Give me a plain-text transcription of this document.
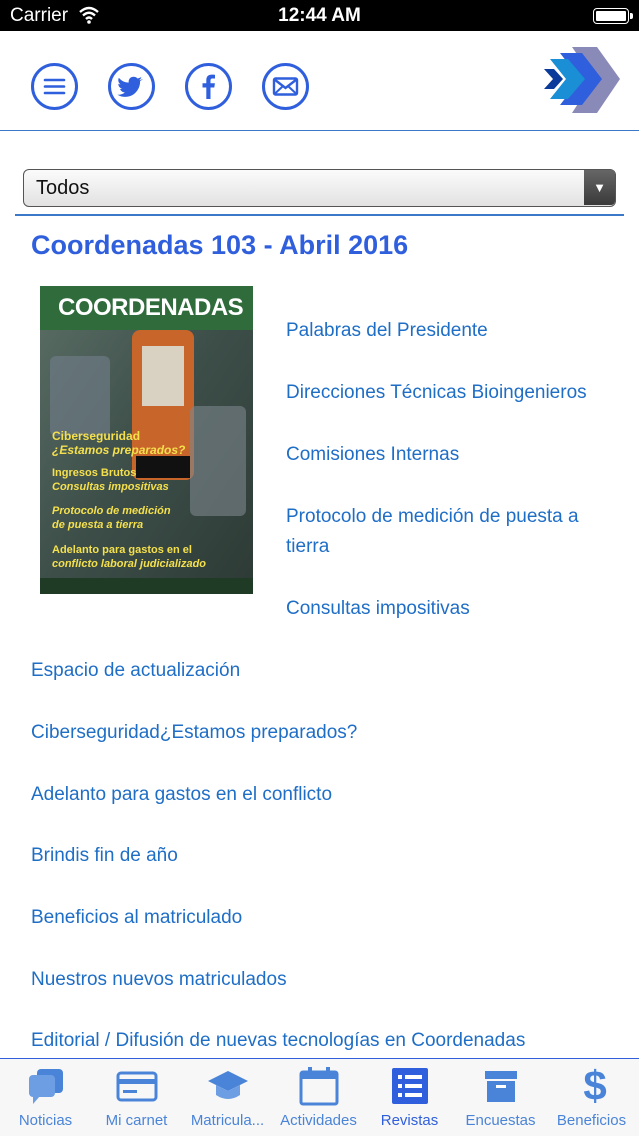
Carrier	12:44 AM
Todos	▼
Coordenadas 103 - Abril 2016
COORDENADAS
Ciberseguridad
¿Estamos preparados?
Ingresos Brutos
Consultas impositivas
Protocolo de medición
de puesta a tierra
Adelanto para gastos en el
conflicto laboral judicializado
Palabras del Presidente
Direcciones Técnicas Bioingenieros
Comisiones Internas
Protocolo de medición de puesta a tierra
Consultas impositivas
Espacio de actualización
Ciberseguridad¿Estamos preparados?
Adelanto para gastos en el conflicto
Brindis fin de año
Beneficios al matriculado
Nuestros nuevos matriculados
Editorial / Difusión de nuevas tecnologías en Coordenadas
Noticias	Mi carnet	Matricula...	Actividades	Revistas	Encuestas
$
Beneficios
